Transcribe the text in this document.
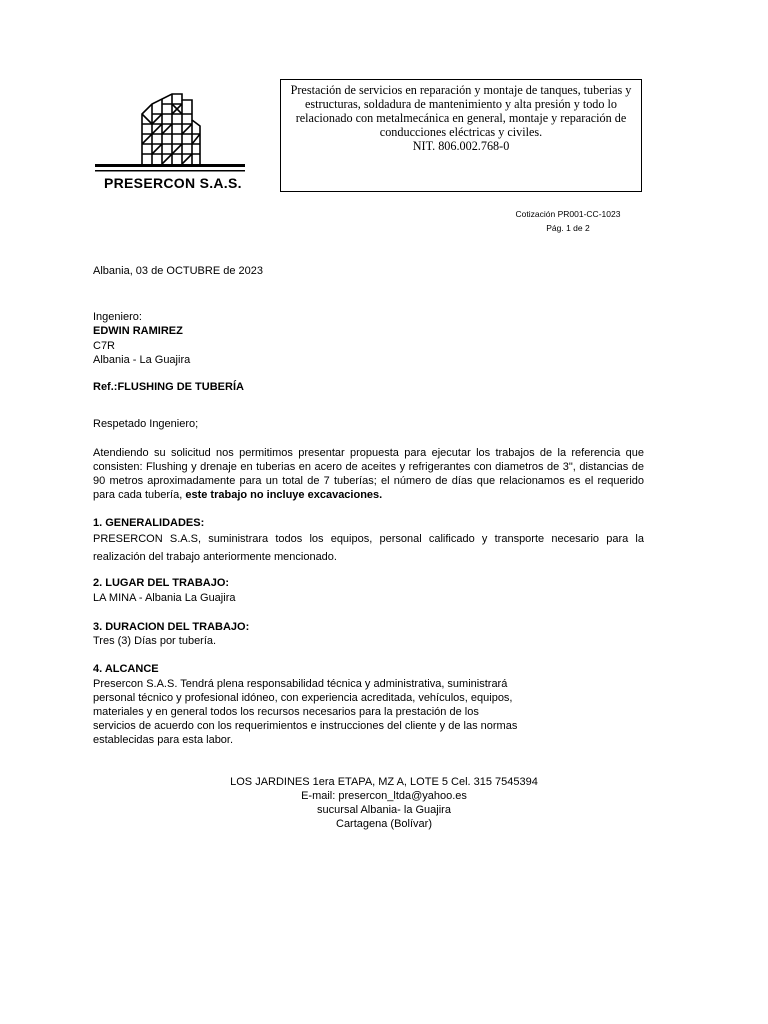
PRESERCON S.A.S.
Prestación de servicios en reparación y montaje de tanques, tuberias y estructuras, soldadura de mantenimiento y alta presión y todo lo relacionado con metalmecánica en general, montaje y reparación de conducciones eléctricas y civiles.
NIT. 806.002.768-0
Cotización PR001-CC-1023
Pág. 1 de 2
Albania, 03 de OCTUBRE de 2023
Ingeniero:
EDWIN RAMIREZ
C7R
Albania - La Guajira
Ref.:FLUSHING DE TUBERÍA
Respetado Ingeniero;
Atendiendo su solicitud nos permitimos presentar propuesta para ejecutar los trabajos de la referencia que consisten: Flushing y drenaje en tuberias en acero de aceites y refrigerantes con diametros de 3", distancias de 90 metros aproximadamente para un total de 7 tuberías; el número de días que relacionamos es el requerido para cada tubería, este trabajo no incluye excavaciones.
1. GENERALIDADES:
PRESERCON S.A.S, suministrara todos los equipos, personal calificado y transporte necesario para la realización del trabajo anteriormente mencionado.
2. LUGAR DEL TRABAJO:
LA MINA - Albania La Guajira
3. DURACION DEL TRABAJO:
Tres (3) Días por tubería.
4. ALCANCE
Presercon S.A.S. Tendrá plena responsabilidad técnica y administrativa, suministrará
personal técnico y profesional idóneo, con experiencia acreditada, vehículos, equipos,
materiales y en general todos los recursos necesarios para la prestación de los
servicios de acuerdo con los requerimientos e instrucciones del cliente y de las normas
establecidas para esta labor.
LOS JARDINES 1era ETAPA, MZ A, LOTE 5 Cel. 315 7545394
E-mail: presercon_ltda@yahoo.es
sucursal Albania- la Guajira
Cartagena (Bolívar)
